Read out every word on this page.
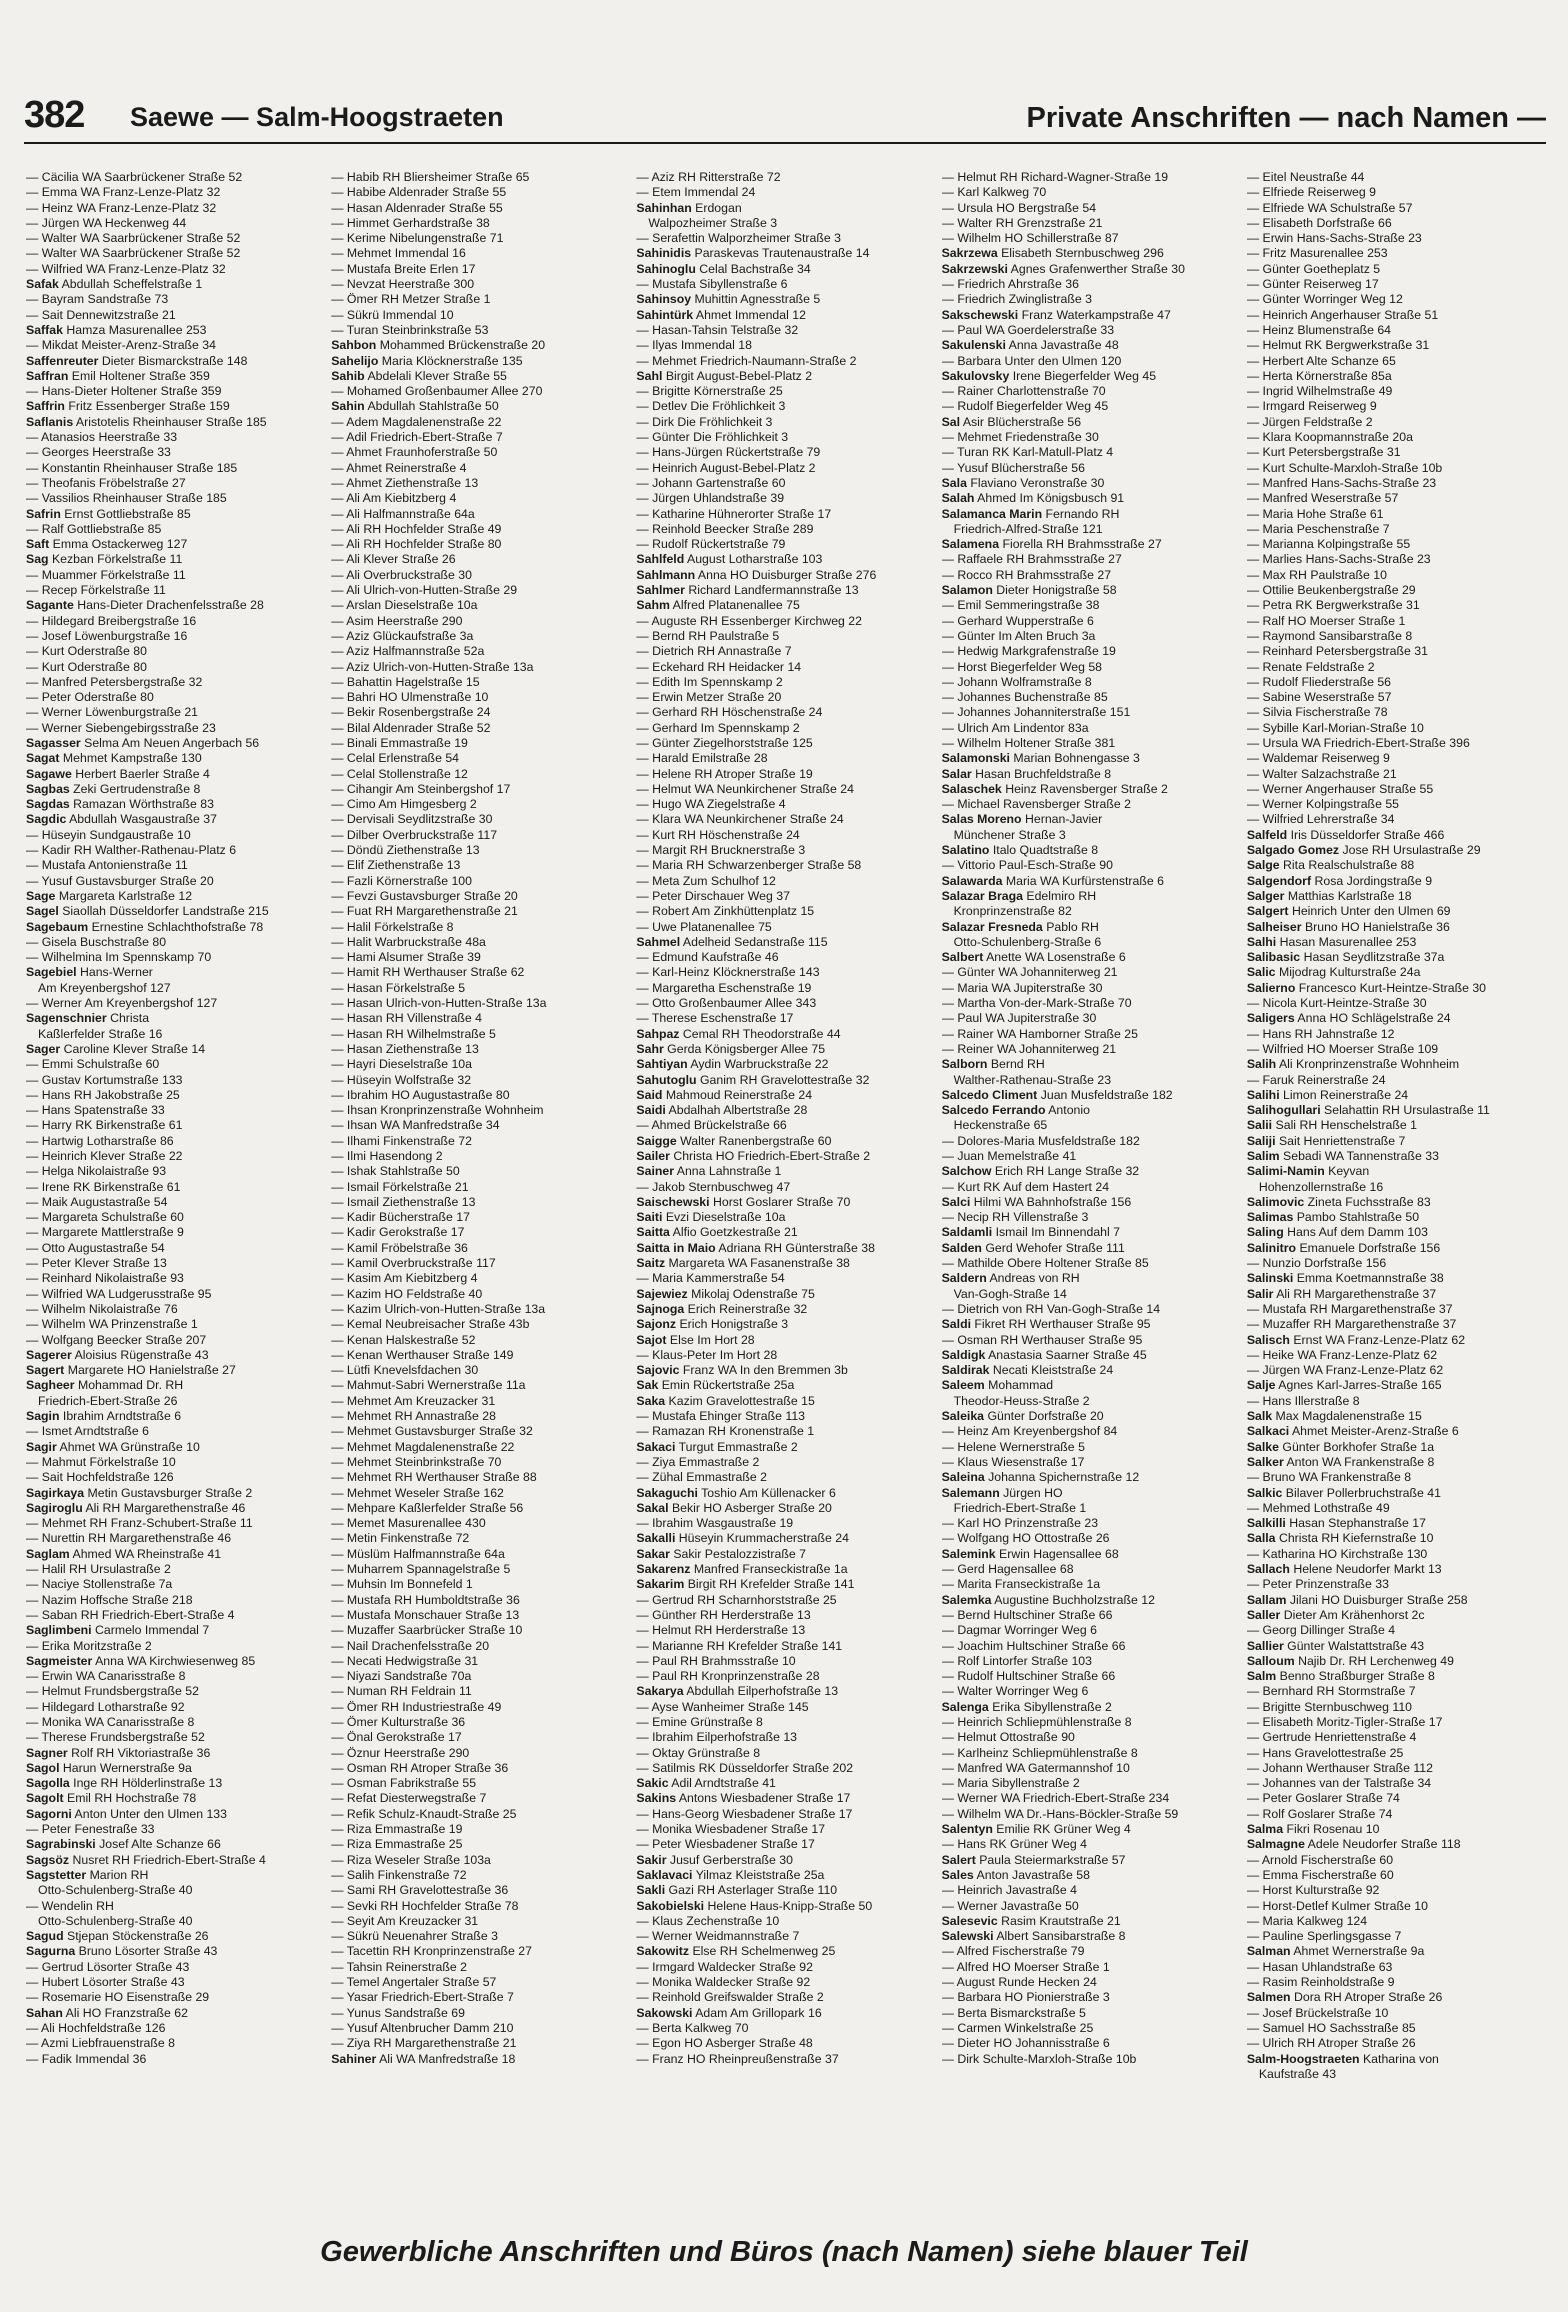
382 Saewe — Salm-Hoogstraeten	Private Anschriften — nach Namen —
— Cäcilia WA Saarbrückener Straße 52
— Emma WA Franz-Lenze-Platz 32
— Heinz WA Franz-Lenze-Platz 32
— Jürgen WA Heckenweg 44
— Walter WA Saarbrückener Straße 52
— Walter WA Saarbrückener Straße 52
— Wilfried WA Franz-Lenze-Platz 32
Safak Abdullah Scheffelstraße 1
— Bayram Sandstraße 73
— Sait Dennewitzstraße 21
Saffak Hamza Masurenallee 253
— Mikdat Meister-Arenz-Straße 34
Saffenreuter Dieter Bismarckstraße 148
Saffran Emil Holtener Straße 359
— Hans-Dieter Holtener Straße 359
Saffrin Fritz Essenberger Straße 159
Saflanis Aristotelis Rheinhauser Straße 185
— Atanasios Heerstraße 33
— Georges Heerstraße 33
— Konstantin Rheinhauser Straße 185
— Theofanis Fröbelstraße 27
— Vassilios Rheinhauser Straße 185
Safrin Ernst Gottliebstraße 85
— Ralf Gottliebstraße 85
Saft Emma Ostackerweg 127
Sag Kezban Förkelstraße 11
— Muammer Förkelstraße 11
— Recep Förkelstraße 11
Sagante Hans-Dieter Drachenfelsstraße 28
— Hildegard Breibergstraße 16
— Josef Löwenburgstraße 16
— Kurt Oderstraße 80
— Kurt Oderstraße 80
— Manfred Petersbergstraße 32
— Peter Oderstraße 80
— Werner Löwenburgstraße 21
— Werner Siebengebirgsstraße 23
Sagasser Selma Am Neuen Angerbach 56
Sagat Mehmet Kampstraße 130
Sagawe Herbert Baerler Straße 4
Sagbas Zeki Gertrudenstraße 8
Sagdas Ramazan Wörthstraße 83
Sagdic Abdullah Wasgaustraße 37
— Hüseyin Sundgaustraße 10
— Kadir RH Walther-Rathenau-Platz 6
— Mustafa Antonienstraße 11
— Yusuf Gustavsburger Straße 20
Sage Margareta Karlstraße 12
Sagel Siaollah Düsseldorfer Landstraße 215
Sagebaum Ernestine Schlachthofstraße 78
— Gisela Buschstraße 80
— Wilhelmina Im Spennskamp 70
Sagebiel Hans-Werner
Am Kreyenbergshof 127
— Werner Am Kreyenbergshof 127
Sagenschnier Christa
Kaßlerfelder Straße 16
Sager Caroline Klever Straße 14
— Emmi Schulstraße 60
— Gustav Kortumstraße 133
— Hans RH Jakobstraße 25
— Hans Spatenstraße 33
— Harry RK Birkenstraße 61
— Hartwig Lotharstraße 86
— Heinrich Klever Straße 22
— Helga Nikolaistraße 93
— Irene RK Birkenstraße 61
— Maik Augustastraße 54
— Margareta Schulstraße 60
— Margarete Mattlerstraße 9
— Otto Augustastraße 54
— Peter Klever Straße 13
— Reinhard Nikolaistraße 93
— Wilfried WA Ludgerusstraße 95
— Wilhelm Nikolaistraße 76
— Wilhelm WA Prinzenstraße 1
— Wolfgang Beecker Straße 207
Sagerer Aloisius Rügenstraße 43
Sagert Margarete HO Hanielstraße 27
Sagheer Mohammad Dr. RH
Friedrich-Ebert-Straße 26
Sagin Ibrahim Arndtstraße 6
— Ismet Arndtstraße 6
Sagir Ahmet WA Grünstraße 10
— Mahmut Förkelstraße 10
— Sait Hochfeldstraße 126
Sagirkaya Metin Gustavsburger Straße 2
Sagiroglu Ali RH Margarethenstraße 46
— Mehmet RH Franz-Schubert-Straße 11
— Nurettin RH Margarethenstraße 46
Saglam Ahmed WA Rheinstraße 41
— Halil RH Ursulastraße 2
— Naciye Stollenstraße 7a
— Nazim Hoffsche Straße 218
— Saban RH Friedrich-Ebert-Straße 4
Saglimbeni Carmelo Immendal 7
— Erika Moritzstraße 2
Sagmeister Anna WA Kirchwiesenweg 85
— Erwin WA Canarisstraße 8
— Helmut Frundsbergstraße 52
— Hildegard Lotharstraße 92
— Monika WA Canarisstraße 8
— Therese Frundsbergstraße 52
Sagner Rolf RH Viktoriastraße 36
Sagol Harun Wernerstraße 9a
Sagolla Inge RH Hölderlinstraße 13
Sagolt Emil RH Hochstraße 78
Sagorni Anton Unter den Ulmen 133
— Peter Fenestraße 33
Sagrabinski Josef Alte Schanze 66
Sagsöz Nusret RH Friedrich-Ebert-Straße 4
Sagstetter Marion RH
Otto-Schulenberg-Straße 40
— Wendelin RH
Otto-Schulenberg-Straße 40
Sagud Stjepan Stöckenstraße 26
Sagurna Bruno Lösorter Straße 43
— Gertrud Lösorter Straße 43
— Hubert Lösorter Straße 43
— Rosemarie HO Eisenstraße 29
Sahan Ali HO Franzstraße 62
— Ali Hochfeldstraße 126
— Azmi Liebfrauenstraße 8
— Fadik Immendal 36
— Habib RH Bliersheimer Straße 65
— Habibe Aldenrader Straße 55
— Hasan Aldenrader Straße 55
— Himmet Gerhardstraße 38
— Kerime Nibelungenstraße 71
— Mehmet Immendal 16
— Mustafa Breite Erlen 17
— Nevzat Heerstraße 300
— Ömer RH Metzer Straße 1
— Sükrü Immendal 10
— Turan Steinbrinkstraße 53
Sahbon Mohammed Brückenstraße 20
Sahelijo Maria Klöcknerstraße 135
Sahib Abdelali Klever Straße 55
— Mohamed Großenbaumer Allee 270
Sahin Abdullah Stahlstraße 50
— Adem Magdalenenstraße 22
— Adil Friedrich-Ebert-Straße 7
— Ahmet Fraunhoferstraße 50
— Ahmet Reinerstraße 4
— Ahmet Ziethenstraße 13
— Ali Am Kiebitzberg 4
— Ali Halfmannstraße 64a
— Ali RH Hochfelder Straße 49
— Ali RH Hochfelder Straße 80
— Ali Klever Straße 26
— Ali Overbruckstraße 30
— Ali Ulrich-von-Hutten-Straße 29
— Arslan Dieselstraße 10a
— Asim Heerstraße 290
— Aziz Glückaufstraße 3a
— Aziz Halfmannstraße 52a
— Aziz Ulrich-von-Hutten-Straße 13a
— Bahattin Hagelstraße 15
— Bahri HO Ulmenstraße 10
— Bekir Rosenbergstraße 24
— Bilal Aldenrader Straße 52
— Binali Emmastraße 19
— Celal Erlenstraße 54
— Celal Stollenstraße 12
— Cihangir Am Steinbergshof 17
— Cimo Am Himgesberg 2
— Dervisali Seydlitzstraße 30
— Dilber Overbruckstraße 117
— Döndü Ziethenstraße 13
— Elif Ziethenstraße 13
— Fazli Körnerstraße 100
— Fevzi Gustavsburger Straße 20
— Fuat RH Margarethenstraße 21
— Halil Förkelstraße 8
— Halit Warbruckstraße 48a
— Hami Alsumer Straße 39
— Hamit RH Werthauser Straße 62
— Hasan Förkelstraße 5
— Hasan Ulrich-von-Hutten-Straße 13a
— Hasan RH Villenstraße 4
— Hasan RH Wilhelmstraße 5
— Hasan Ziethenstraße 13
— Hayri Dieselstraße 10a
— Hüseyin Wolfstraße 32
— Ibrahim HO Augustastraße 80
— Ihsan Kronprinzenstraße Wohnheim
— Ihsan WA Manfredstraße 34
— Ilhami Finkenstraße 72
— Ilmi Hasendong 2
— Ishak Stahlstraße 50
— Ismail Förkelstraße 21
— Ismail Ziethenstraße 13
— Kadir Bücherstraße 17
— Kadir Gerokstraße 17
— Kamil Fröbelstraße 36
— Kamil Overbruckstraße 117
— Kasim Am Kiebitzberg 4
— Kazim HO Feldstraße 40
— Kazim Ulrich-von-Hutten-Straße 13a
— Kemal Neubreisacher Straße 43b
— Kenan Halskestraße 52
— Kenan Werthauser Straße 149
— Lütfi Knevelsfdachen 30
— Mahmut-Sabri Wernerstraße 11a
— Mehmet Am Kreuzacker 31
— Mehmet RH Annastraße 28
— Mehmet Gustavsburger Straße 32
— Mehmet Magdalenenstraße 22
— Mehmet Steinbrinkstraße 70
— Mehmet RH Werthauser Straße 88
— Mehmet Weseler Straße 162
— Mehpare Kaßlerfelder Straße 56
— Memet Masurenallee 430
— Metin Finkenstraße 72
— Müslüm Halfmannstraße 64a
— Muharrem Spannagelstraße 5
— Muhsin Im Bonnefeld 1
— Mustafa RH Humboldtstraße 36
— Mustafa Monschauer Straße 13
— Muzaffer Saarbrücker Straße 10
— Nail Drachenfelsstraße 20
— Necati Hedwigstraße 31
— Niyazi Sandstraße 70a
— Numan RH Feldrain 11
— Ömer RH Industriestraße 49
— Ömer Kulturstraße 36
— Önal Gerokstraße 17
— Öznur Heerstraße 290
— Osman RH Atroper Straße 36
— Osman Fabrikstraße 55
— Refat Diesterwegstraße 7
— Refik Schulz-Knaudt-Straße 25
— Riza Emmastraße 19
— Riza Emmastraße 25
— Riza Weseler Straße 103a
— Salih Finkenstraße 72
— Sami RH Gravelottestraße 36
— Sevki RH Hochfelder Straße 78
— Seyit Am Kreuzacker 31
— Sükrü Neuenahrer Straße 3
— Tacettin RH Kronprinzenstraße 27
— Tahsin Reinerstraße 2
— Temel Angertaler Straße 57
— Yasar Friedrich-Ebert-Straße 7
— Yunus Sandstraße 69
— Yusuf Altenbrucher Damm 210
— Ziya RH Margarethenstraße 21
Sahiner Ali WA Manfredstraße 18
— Aziz RH Ritterstraße 72
— Etem Immendal 24
Sahinhan Erdogan
Walpozheimer Straße 3
— Serafettin Walporzheimer Straße 3
Sahinidis Paraskevas Trautenaustraße 14
Sahinoglu Celal Bachstraße 34
— Mustafa Sibyllenstraße 6
Sahinsoy Muhittin Agnesstraße 5
Sahintürk Ahmet Immendal 12
— Hasan-Tahsin Telstraße 32
— Ilyas Immendal 18
— Mehmet Friedrich-Naumann-Straße 2
Sahl Birgit August-Bebel-Platz 2
— Brigitte Körnerstraße 25
— Detlev Die Fröhlichkeit 3
— Dirk Die Fröhlichkeit 3
— Günter Die Fröhlichkeit 3
— Hans-Jürgen Rückertstraße 79
— Heinrich August-Bebel-Platz 2
— Johann Gartenstraße 60
— Jürgen Uhlandstraße 39
— Katharine Hühnerorter Straße 17
— Reinhold Beecker Straße 289
— Rudolf Rückertstraße 79
Sahlfeld August Lotharstraße 103
Sahlmann Anna HO Duisburger Straße 276
Sahlmer Richard Landfermannstraße 13
Sahm Alfred Platanenallee 75
— Auguste RH Essenberger Kirchweg 22
— Bernd RH Paulstraße 5
— Dietrich RH Annastraße 7
— Eckehard RH Heidacker 14
— Edith Im Spennskamp 2
— Erwin Metzer Straße 20
— Gerhard RH Höschenstraße 24
— Gerhard Im Spennskamp 2
— Günter Ziegelhorststraße 125
— Harald Emilstraße 28
— Helene RH Atroper Straße 19
— Helmut WA Neunkirchener Straße 24
— Hugo WA Ziegelstraße 4
— Klara WA Neunkirchener Straße 24
— Kurt RH Höschenstraße 24
— Margit RH Brucknerstraße 3
— Maria RH Schwarzenberger Straße 58
— Meta Zum Schulhof 12
— Peter Dirschauer Weg 37
— Robert Am Zinkhüttenplatz 15
— Uwe Platanenallee 75
Sahmel Adelheid Sedanstraße 115
— Edmund Kaufstraße 46
— Karl-Heinz Klöcknerstraße 143
— Margaretha Eschenstraße 19
— Otto Großenbaumer Allee 343
— Therese Eschenstraße 17
Sahpaz Cemal RH Theodorstraße 44
Sahr Gerda Königsberger Allee 75
Sahtiyan Aydin Warbruckstraße 22
Sahutoglu Ganim RH Gravelottestraße 32
Said Mahmoud Reinerstraße 24
Saidi Abdalhah Albertstraße 28
— Ahmed Brückelstraße 66
Saigge Walter Ranenbergstraße 60
Sailer Christa HO Friedrich-Ebert-Straße 2
Sainer Anna Lahnstraße 1
— Jakob Sternbuschweg 47
Saischewski Horst Goslarer Straße 70
Saiti Evzi Dieselstraße 10a
Saitta Alfio Goetzkestraße 21
Saitta in Maio Adriana RH Günterstraße 38
Saitz Margareta WA Fasanenstraße 38
— Maria Kammerstraße 54
Sajewiez Mikolaj Odenstraße 75
Sajnoga Erich Reinerstraße 32
Sajonz Erich Honigstraße 3
Sajot Else Im Hort 28
— Klaus-Peter Im Hort 28
Sajovic Franz WA In den Bremmen 3b
Sak Emin Rückertstraße 25a
Saka Kazim Gravelottestraße 15
— Mustafa Ehinger Straße 113
— Ramazan RH Kronenstraße 1
Sakaci Turgut Emmastraße 2
— Ziya Emmastraße 2
— Zühal Emmastraße 2
Sakaguchi Toshio Am Küllenacker 6
Sakal Bekir HO Asberger Straße 20
— Ibrahim Wasgaustraße 19
Sakalli Hüseyin Krummacherstraße 24
Sakar Sakir Pestalozzistraße 7
Sakarenz Manfred Franseckistraße 1a
Sakarim Birgit RH Krefelder Straße 141
— Gertrud RH Scharnhorststraße 25
— Günther RH Herderstraße 13
— Helmut RH Herderstraße 13
— Marianne RH Krefelder Straße 141
— Paul RH Brahmsstraße 10
— Paul RH Kronprinzenstraße 28
Sakarya Abdullah Eilperhofstraße 13
— Ayse Wanheimer Straße 145
— Emine Grünstraße 8
— Ibrahim Eilperhofstraße 13
— Oktay Grünstraße 8
— Satilmis RK Düsseldorfer Straße 202
Sakic Adil Arndtstraße 41
Sakins Antons Wiesbadener Straße 17
— Hans-Georg Wiesbadener Straße 17
— Monika Wiesbadener Straße 17
— Peter Wiesbadener Straße 17
Sakir Jusuf Gerberstraße 30
Saklavaci Yilmaz Kleiststraße 25a
Sakli Gazi RH Asterlager Straße 110
Sakobielski Helene Haus-Knipp-Straße 50
— Klaus Zechenstraße 10
— Werner Weidmannstraße 7
Sakowitz Else RH Schelmenweg 25
— Irmgard Waldecker Straße 92
— Monika Waldecker Straße 92
— Reinhold Greifswalder Straße 2
Sakowski Adam Am Grillopark 16
— Berta Kalkweg 70
— Egon HO Asberger Straße 48
— Franz HO Rheinpreußenstraße 37
— Helmut RH Richard-Wagner-Straße 19
— Karl Kalkweg 70
— Ursula HO Bergstraße 54
— Walter RH Grenzstraße 21
— Wilhelm HO Schillerstraße 87
Sakrzewa Elisabeth Sternbuschweg 296
Sakrzewski Agnes Grafenwerther Straße 30
— Friedrich Ahrstraße 36
— Friedrich Zwinglistraße 3
Sakschewski Franz Waterkampstraße 47
— Paul WA Goerdelerstraße 33
Sakulenski Anna Javastraße 48
— Barbara Unter den Ulmen 120
Sakulovsky Irene Biegerfelder Weg 45
— Rainer Charlottenstraße 70
— Rudolf Biegerfelder Weg 45
Sal Asir Blücherstraße 56
— Mehmet Friedenstraße 30
— Turan RK Karl-Matull-Platz 4
— Yusuf Blücherstraße 56
Sala Flaviano Veronstraße 30
Salah Ahmed Im Königsbusch 91
Salamanca Marin Fernando RH
Friedrich-Alfred-Straße 121
Salamena Fiorella RH Brahmsstraße 27
— Raffaele RH Brahmsstraße 27
— Rocco RH Brahmsstraße 27
Salamon Dieter Honigstraße 58
— Emil Semmeringstraße 38
— Gerhard Wupperstraße 6
— Günter Im Alten Bruch 3a
— Hedwig Markgrafenstraße 19
— Horst Biegerfelder Weg 58
— Johann Wolframstraße 8
— Johannes Buchenstraße 85
— Johannes Johanniterstraße 151
— Ulrich Am Lindentor 83a
— Wilhelm Holtener Straße 381
Salamonski Marian Bohnengasse 3
Salar Hasan Bruchfeldstraße 8
Salaschek Heinz Ravensberger Straße 2
— Michael Ravensberger Straße 2
Salas Moreno Hernan-Javier
Münchener Straße 3
Salatino Italo Quadtstraße 8
— Vittorio Paul-Esch-Straße 90
Salawarda Maria WA Kurfürstenstraße 6
Salazar Braga Edelmiro RH
Kronprinzenstraße 82
Salazar Fresneda Pablo RH
Otto-Schulenberg-Straße 6
Salbert Anette WA Losenstraße 6
— Günter WA Johanniterweg 21
— Maria WA Jupiterstraße 30
— Martha Von-der-Mark-Straße 70
— Paul WA Jupiterstraße 30
— Rainer WA Hamborner Straße 25
— Reiner WA Johanniterweg 21
Salborn Bernd RH
Walther-Rathenau-Straße 23
Salcedo Climent Juan Musfeldstraße 182
Salcedo Ferrando Antonio
Heckenstraße 65
— Dolores-Maria Musfeldstraße 182
— Juan Memelstraße 41
Salchow Erich RH Lange Straße 32
— Kurt RK Auf dem Hastert 24
Salci Hilmi WA Bahnhofstraße 156
— Necip RH Villenstraße 3
Saldamli Ismail Im Binnendahl 7
Salden Gerd Wehofer Straße 111
— Mathilde Obere Holtener Straße 85
Saldern Andreas von RH
Van-Gogh-Straße 14
— Dietrich von RH Van-Gogh-Straße 14
Saldi Fikret RH Werthauser Straße 95
— Osman RH Werthauser Straße 95
Saldigk Anastasia Saarner Straße 45
Saldirak Necati Kleiststraße 24
Saleem Mohammad
Theodor-Heuss-Straße 2
Saleika Günter Dorfstraße 20
— Heinz Am Kreyenbergshof 84
— Helene Wernerstraße 5
— Klaus Wiesenstraße 17
Saleina Johanna Spichernstraße 12
Salemann Jürgen HO
Friedrich-Ebert-Straße 1
— Karl HO Prinzenstraße 23
— Wolfgang HO Ottostraße 26
Salemink Erwin Hagensallee 68
— Gerd Hagensallee 68
— Marita Franseckistraße 1a
Salemka Augustine Buchholzstraße 12
— Bernd Hultschiner Straße 66
— Dagmar Worringer Weg 6
— Joachim Hultschiner Straße 66
— Rolf Lintorfer Straße 103
— Rudolf Hultschiner Straße 66
— Walter Worringer Weg 6
Salenga Erika Sibyllenstraße 2
— Heinrich Schliepmühlenstraße 8
— Helmut Ottostraße 90
— Karlheinz Schliepmühlenstraße 8
— Manfred WA Gatermannshof 10
— Maria Sibyllenstraße 2
— Werner WA Friedrich-Ebert-Straße 234
— Wilhelm WA Dr.-Hans-Böckler-Straße 59
Salentyn Emilie RK Grüner Weg 4
— Hans RK Grüner Weg 4
Salert Paula Steiermarkstraße 57
Sales Anton Javastraße 58
— Heinrich Javastraße 4
— Werner Javastraße 50
Salesevic Rasim Krautstraße 21
Salewski Albert Sansibarstraße 8
— Alfred Fischerstraße 79
— Alfred HO Moerser Straße 1
— August Runde Hecken 24
— Barbara HO Pionierstraße 3
— Berta Bismarckstraße 5
— Carmen Winkelstraße 25
— Dieter HO Johannisstraße 6
— Dirk Schulte-Marxloh-Straße 10b
— Eitel Neustraße 44
— Elfriede Reiserweg 9
— Elfriede WA Schulstraße 57
— Elisabeth Dorfstraße 66
— Erwin Hans-Sachs-Straße 23
— Fritz Masurenallee 253
— Günter Goetheplatz 5
— Günter Reiserweg 17
— Günter Worringer Weg 12
— Heinrich Angerhauser Straße 51
— Heinz Blumenstraße 64
— Helmut RK Bergwerkstraße 31
— Herbert Alte Schanze 65
— Herta Körnerstraße 85a
— Ingrid Wilhelmstraße 49
— Irmgard Reiserweg 9
— Jürgen Feldstraße 2
— Klara Koopmannstraße 20a
— Kurt Petersbergstraße 31
— Kurt Schulte-Marxloh-Straße 10b
— Manfred Hans-Sachs-Straße 23
— Manfred Weserstraße 57
— Maria Hohe Straße 61
— Maria Peschenstraße 7
— Marianna Kolpingstraße 55
— Marlies Hans-Sachs-Straße 23
— Max RH Paulstraße 10
— Ottilie Beukenbergstraße 29
— Petra RK Bergwerkstraße 31
— Ralf HO Moerser Straße 1
— Raymond Sansibarstraße 8
— Reinhard Petersbergstraße 31
— Renate Feldstraße 2
— Rudolf Fliederstraße 56
— Sabine Weserstraße 57
— Silvia Fischerstraße 78
— Sybille Karl-Morian-Straße 10
— Ursula WA Friedrich-Ebert-Straße 396
— Waldemar Reiserweg 9
— Walter Salzachstraße 21
— Werner Angerhauser Straße 55
— Werner Kolpingstraße 55
— Wilfried Lehrerstraße 34
Salfeld Iris Düsseldorfer Straße 466
Salgado Gomez Jose RH Ursulastraße 29
Salge Rita Realschulstraße 88
Salgendorf Rosa Jordingstraße 9
Salger Matthias Karlstraße 18
Salgert Heinrich Unter den Ulmen 69
Salheiser Bruno HO Hanielstraße 36
Salhi Hasan Masurenallee 253
Salibasic Hasan Seydlitzstraße 37a
Salic Mijodrag Kulturstraße 24a
Salierno Francesco Kurt-Heintze-Straße 30
— Nicola Kurt-Heintze-Straße 30
Saligers Anna HO Schlägelstraße 24
— Hans RH Jahnstraße 12
— Wilfried HO Moerser Straße 109
Salih Ali Kronprinzenstraße Wohnheim
— Faruk Reinerstraße 24
Salihi Limon Reinerstraße 24
Salihogullari Selahattin RH Ursulastraße 11
Salii Sali RH Henschelstraße 1
Saliji Sait Henriettenstraße 7
Salim Sebadi WA Tannenstraße 33
Salimi-Namin Keyvan
Hohenzollernstraße 16
Salimovic Zineta Fuchsstraße 83
Salimas Pambo Stahlstraße 50
Saling Hans Auf dem Damm 103
Salinitro Emanuele Dorfstraße 156
— Nunzio Dorfstraße 156
Salinski Emma Koetmannstraße 38
Salir Ali RH Margarethenstraße 37
— Mustafa RH Margarethenstraße 37
— Muzaffer RH Margarethenstraße 37
Salisch Ernst WA Franz-Lenze-Platz 62
— Heike WA Franz-Lenze-Platz 62
— Jürgen WA Franz-Lenze-Platz 62
Salje Agnes Karl-Jarres-Straße 165
— Hans Illerstraße 8
Salk Max Magdalenenstraße 15
Salkaci Ahmet Meister-Arenz-Straße 6
Salke Günter Borkhofer Straße 1a
Salker Anton WA Frankenstraße 8
— Bruno WA Frankenstraße 8
Salkic Bilaver Pollerbruchstraße 41
— Mehmed Lothstraße 49
Salkilli Hasan Stephanstraße 17
Salla Christa RH Kiefernstraße 10
— Katharina HO Kirchstraße 130
Sallach Helene Neudorfer Markt 13
— Peter Prinzenstraße 33
Sallam Jilani HO Duisburger Straße 258
Saller Dieter Am Krähenhorst 2c
— Georg Dillinger Straße 4
Sallier Günter Walstattstraße 43
Salloum Najib Dr. RH Lerchenweg 49
Salm Benno Straßburger Straße 8
— Bernhard RH Stormstraße 7
— Brigitte Sternbuschweg 110
— Elisabeth Moritz-Tigler-Straße 17
— Gertrude Henriettenstraße 4
— Hans Gravelottestraße 25
— Johann Werthauser Straße 112
— Johannes van der Talstraße 34
— Peter Goslarer Straße 74
— Rolf Goslarer Straße 74
Salma Fikri Rosenau 10
Salmagne Adele Neudorfer Straße 118
— Arnold Fischerstraße 60
— Emma Fischerstraße 60
— Horst Kulturstraße 92
— Horst-Detlef Kulmer Straße 10
— Maria Kalkweg 124
— Pauline Sperlingsgasse 7
Salman Ahmet Wernerstraße 9a
— Hasan Uhlandstraße 63
— Rasim Reinholdstraße 9
Salmen Dora RH Atroper Straße 26
— Josef Brückelstraße 10
— Samuel HO Sachsstraße 85
— Ulrich RH Atroper Straße 26
Salm-Hoogstraeten Katharina von
Kaufstraße 43
Gewerbliche Anschriften und Büros (nach Namen) siehe blauer Teil
